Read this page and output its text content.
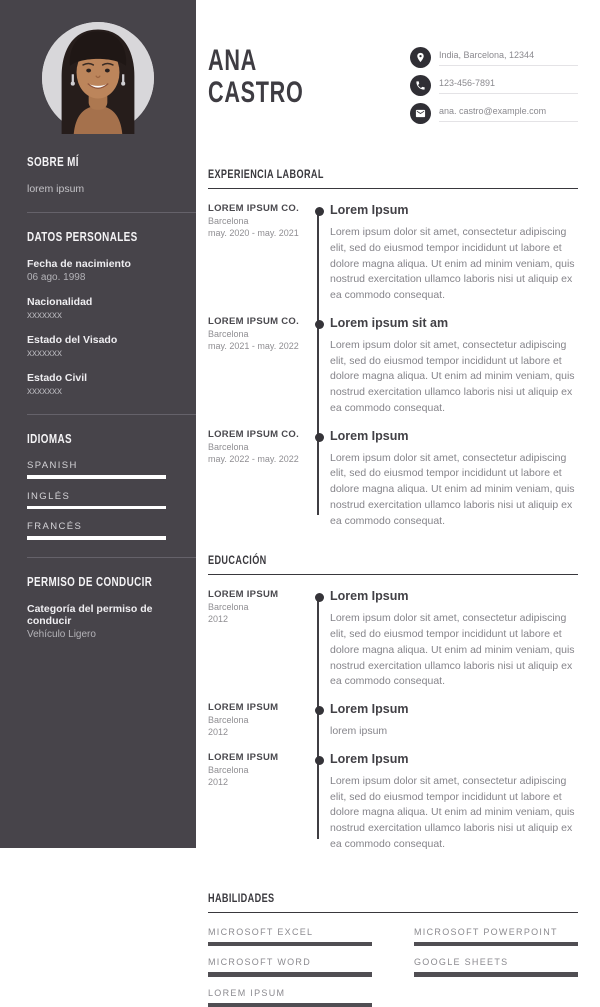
SOBRE MÍ

lorem ipsum

DATOS PERSONALES
Fecha de nacimiento
06 ago. 1998
Nacionalidad
xxxxxxx
Estado del Visado
xxxxxxx
Estado Civil
xxxxxxx
IDIOMAS
SPANISH
INGLÉS
FRANCÉS
PERMISO DE CONDUCIR
Categoría del permiso de conducir
Vehículo Ligero
ANA
CASTRO
India, Barcelona, 12344
123-456-7891
ana. castro@example.com
EXPERIENCIA LABORAL
LOREM IPSUM CO.
Barcelona
may. 2020 - may. 2021
Lorem Ipsum

Lorem ipsum dolor sit amet, consectetur adipiscing elit, sed do eiusmod tempor incididunt ut labore et dolore magna aliqua. Ut enim ad minim veniam, quis nostrud exercitation ullamco laboris nisi ut aliquip ex ea commodo consequat.

LOREM IPSUM CO.
Barcelona
may. 2021 - may. 2022
Lorem ipsum sit am

Lorem ipsum dolor sit amet, consectetur adipiscing elit, sed do eiusmod tempor incididunt ut labore et dolore magna aliqua. Ut enim ad minim veniam, quis nostrud exercitation ullamco laboris nisi ut aliquip ex ea commodo consequat.

LOREM IPSUM CO.
Barcelona
may. 2022 - may. 2022
Lorem Ipsum

Lorem ipsum dolor sit amet, consectetur adipiscing elit, sed do eiusmod tempor incididunt ut labore et dolore magna aliqua. Ut enim ad minim veniam, quis nostrud exercitation ullamco laboris nisi ut aliquip ex ea commodo consequat.

EDUCACIÓN
LOREM IPSUM
Barcelona
2012
Lorem Ipsum

Lorem ipsum dolor sit amet, consectetur adipiscing elit, sed do eiusmod tempor incididunt ut labore et dolore magna aliqua. Ut enim ad minim veniam, quis nostrud exercitation ullamco laboris nisi ut aliquip ex ea commodo consequat.

LOREM IPSUM
Barcelona
2012
Lorem Ipsum

lorem ipsum

LOREM IPSUM
Barcelona
2012
Lorem Ipsum

Lorem ipsum dolor sit amet, consectetur adipiscing elit, sed do eiusmod tempor incididunt ut labore et dolore magna aliqua. Ut enim ad minim veniam, quis nostrud exercitation ullamco laboris nisi ut aliquip ex ea commodo consequat.

HABILIDADES
MICROSOFT EXCEL	MICROSOFT POWERPOINT
MICROSOFT WORD	GOOGLE SHEETS
LOREM IPSUM
